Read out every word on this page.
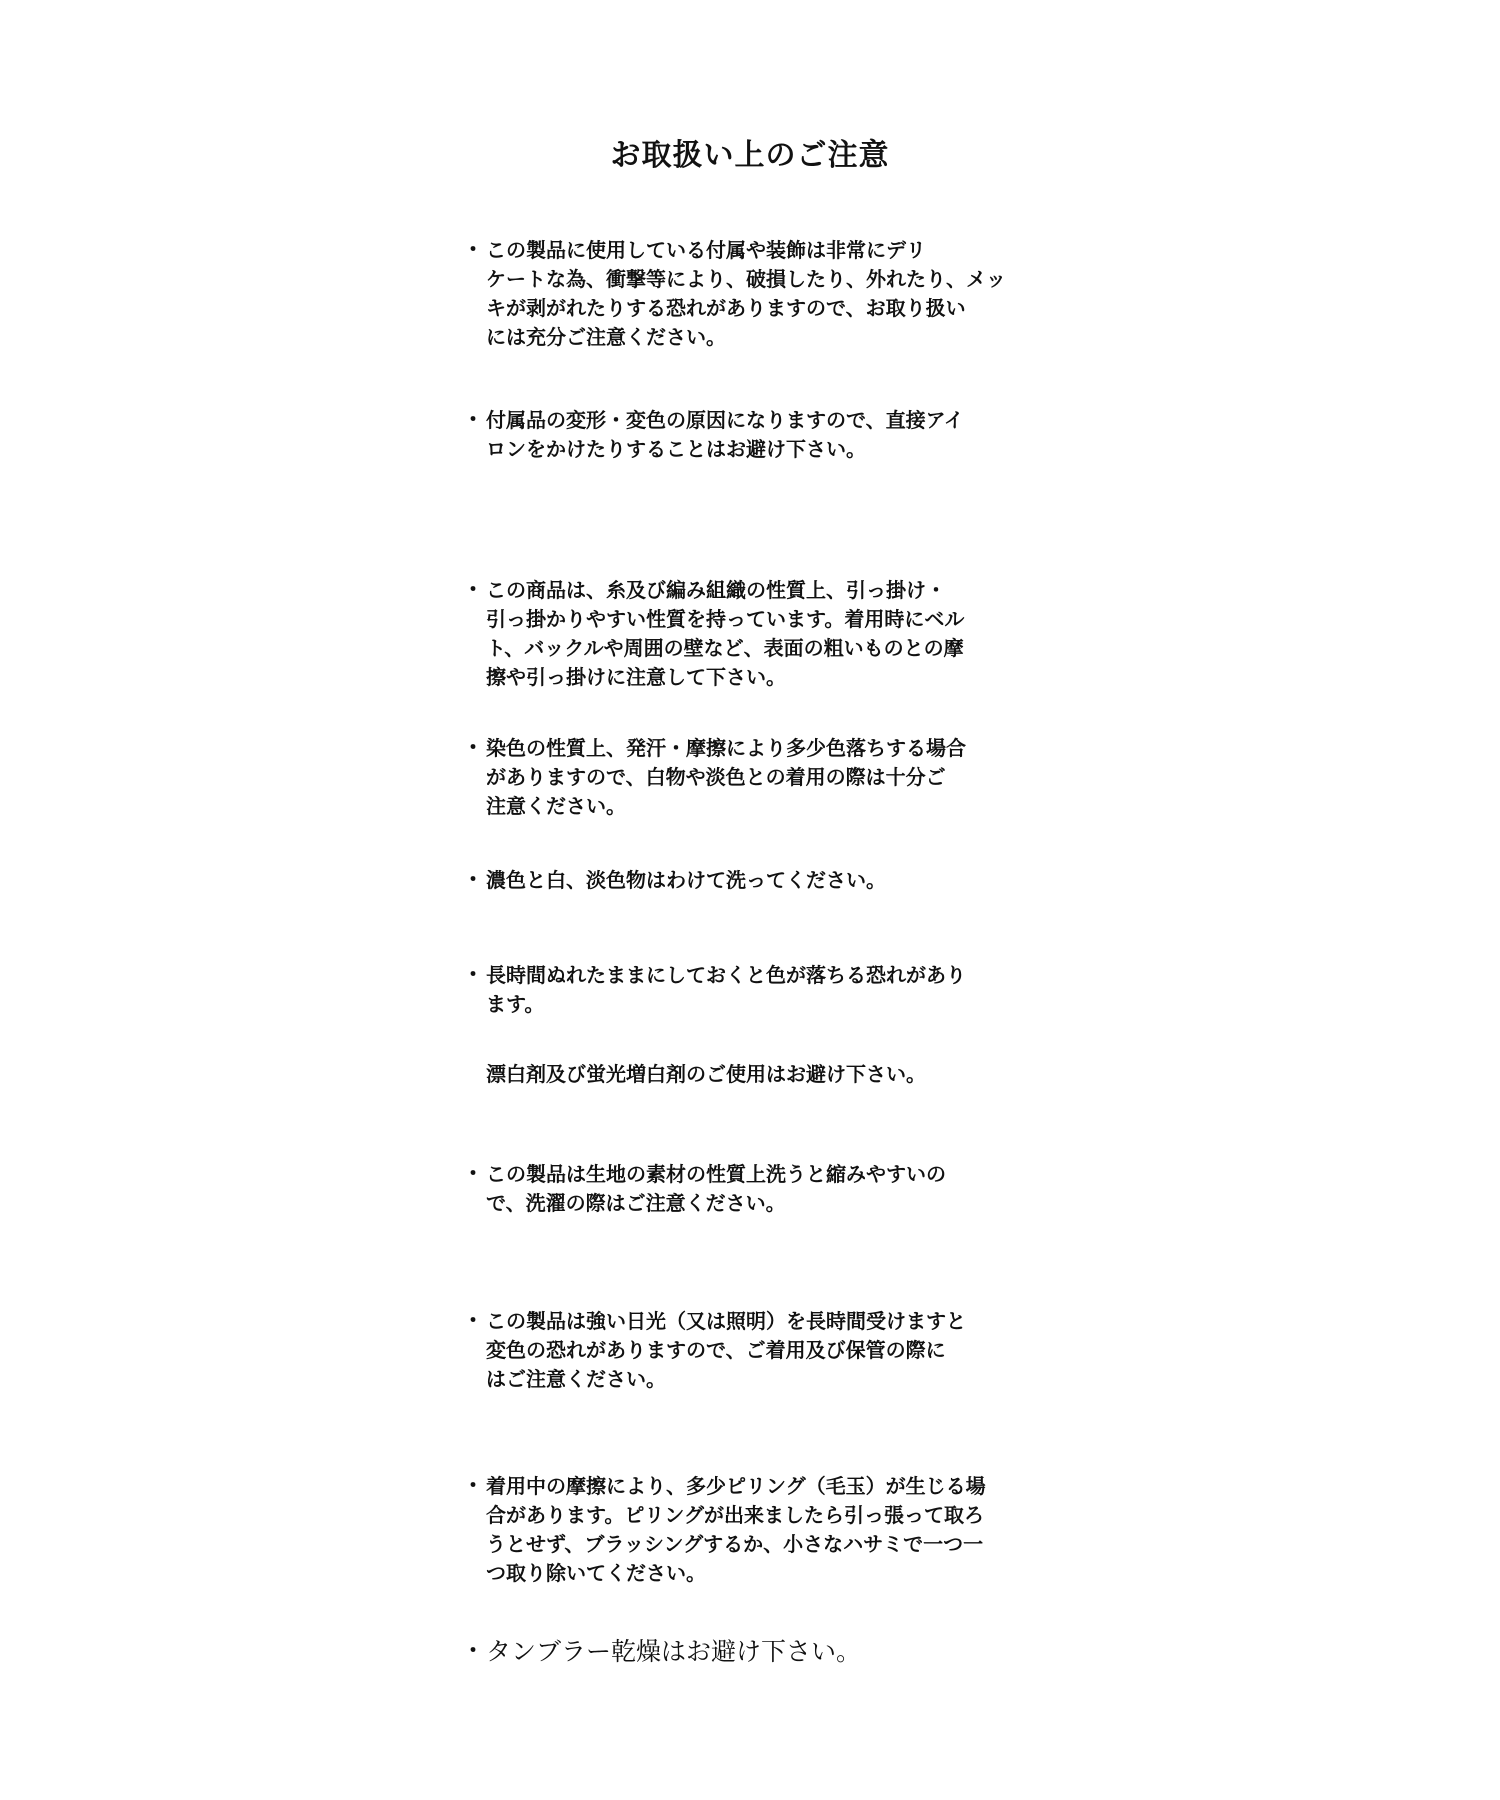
お取扱い上のご注意
・ この製品に使用している付属や装飾は非常にデリ
ケートな為、衝撃等により、破損したり、外れたり、メッ
キが剥がれたりする恐れがありますので、お取り扱い
には充分ご注意ください。

・ 付属品の変形・変色の原因になりますので、直接アイ
ロンをかけたりすることはお避け下さい。

・ この商品は、糸及び編み組織の性質上、引っ掛け・
引っ掛かりやすい性質を持っています。着用時にベル
ト、バックルや周囲の壁など、表面の粗いものとの摩
擦や引っ掛けに注意して下さい。

・ 染色の性質上、発汗・摩擦により多少色落ちする場合
がありますので、白物や淡色との着用の際は十分ご
注意ください。

・ 濃色と白、淡色物はわけて洗ってください。

・ 長時間ぬれたままにしておくと色が落ちる恐れがあり
ます。

漂白剤及び蛍光増白剤のご使用はお避け下さい。

・ この製品は生地の素材の性質上洗うと縮みやすいの
で、洗濯の際はご注意ください。

・ この製品は強い日光（又は照明）を長時間受けますと
変色の恐れがありますので、ご着用及び保管の際に
はご注意ください。

・ 着用中の摩擦により、多少ピリング（毛玉）が生じる場
合があります。ピリングが出来ましたら引っ張って取ろ
うとせず、ブラッシングするか、小さなハサミで一つ一
つ取り除いてください。

・ タンブラー乾燥はお避け下さい。
